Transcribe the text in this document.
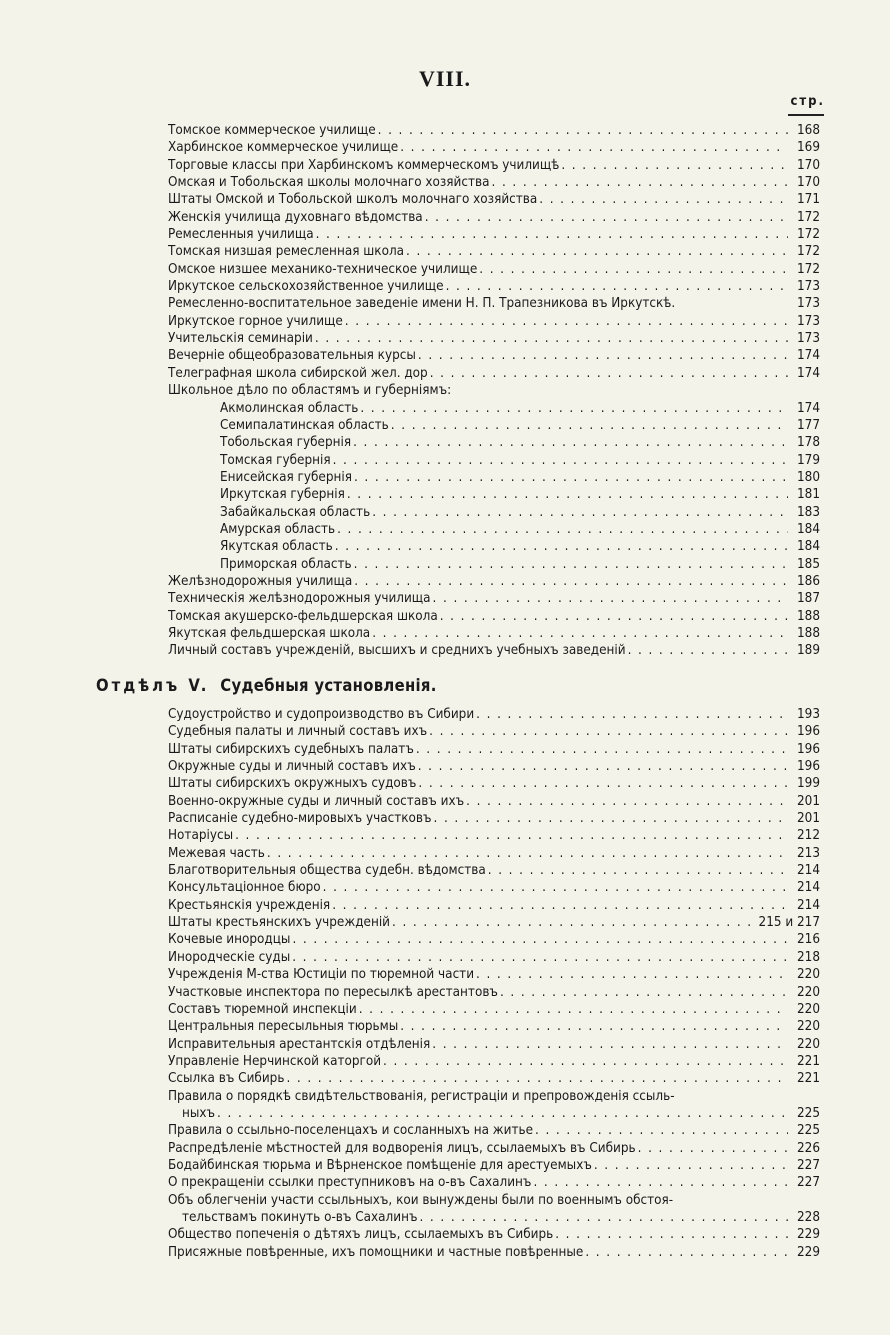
VIII.
стр.
Томское коммерческое училище . . .	168
Харбинское коммерческое училище . . .	169
Торговые классы при Харбинскомъ коммерческомъ училищѣ . . .	170
Омская и Тобольская школы молочнаго хозяйства . . .	170
Штаты Омской и Тобольской школъ молочнаго хозяйства . . .	171
Женскія училища духовнаго вѣдомства . . .	172
Ремесленныя училища . . .	172
Томская низшая ремесленная школа . . .	172
Омское низшее механико-техническое училище . . .	172
Иркутское сельскохозяйственное училище . . .	173
Ремесленно-воспитательное заведеніе имени Н. П. Трапезникова въ Иркутскѣ.	173
Иркутское горное училище . . .	173
Учительскія семинаріи . . .	173
Вечерніе общеобразовательныя курсы . . .	174
Телеграфная школа сибирской жел. дор . . .	174
Школьное дѣло по областямъ и губерніямъ:
Акмолинская область . . .	174
Семипалатинская область . . .	177
Тобольская губернія . . .	178
Томская губернія . . .	179
Енисейская губернія . . .	180
Иркутская губернія . . .	181
Забайкальская область . . .	183
Амурская область . . .	184
Якутская область . . .	184
Приморская область . . .	185
Желѣзнодорожныя училища . . .	186
Техническія желѣзнодорожныя училища . . .	187
Томская акушерско-фельдшерская школа . . .	188
Якутская фельдшерская школа . . .	188
Личный составъ учрежденій, высшихъ и среднихъ учебныхъ заведеній . . .	189
Отдѣлъ V. Судебныя установленія.
Судоустройство и судопроизводство въ Сибири . . .	193
Судебныя палаты и личный составъ ихъ . . .	196
Штаты сибирскихъ судебныхъ палатъ . . .	196
Окружные суды и личный составъ ихъ . . .	196
Штаты сибирскихъ окружныхъ судовъ . . .	199
Военно-окружные суды и личный составъ ихъ . . .	201
Расписаніе судебно-мировыхъ участковъ . . .	201
Нотаріусы . . .	212
Межевая часть . . .	213
Благотворительныя общества судебн. вѣдомства . . .	214
Консультаціонное бюро . . .	214
Крестьянскія учрежденія . . .	214
Штаты крестьянскихъ учрежденій . . .	215 и 217
Кочевые инородцы . . .	216
Инородческіе суды . . .	218
Учрежденія М-ства Юстиціи по тюремной части . . .	220
Участковые инспектора по пересылкѣ арестантовъ . . .	220
Составъ тюремной инспекціи . . .	220
Центральныя пересыльныя тюрьмы . . .	220
Исправительныя арестантскія отдѣленія . . .	220
Управленіе Нерчинской каторгой . . .	221
Ссылка въ Сибирь . . .	221
Правила о порядкѣ свидѣтельствованія, регистраціи и препровожденія ссыль-
ныхъ . . .	225
Правила о ссыльно-поселенцахъ и сосланныхъ на житье . . .	225
Распредѣленіе мѣстностей для водворенія лицъ, ссылаемыхъ въ Сибирь . . .	226
Бодайбинская тюрьма и Вѣрненское помѣщеніе для арестуемыхъ . . .	227
О прекращеніи ссылки преступниковъ на о-въ Сахалинъ . . .	227
Объ облегченіи участи ссыльныхъ, кои вынуждены были по военнымъ обстоя-
тельствамъ покинуть о-въ Сахалинъ . . .	228
Общество попеченія о дѣтяхъ лицъ, ссылаемыхъ въ Сибирь . . .	229
Присяжные повѣренные, ихъ помощники и частные повѣренные . . .	229
